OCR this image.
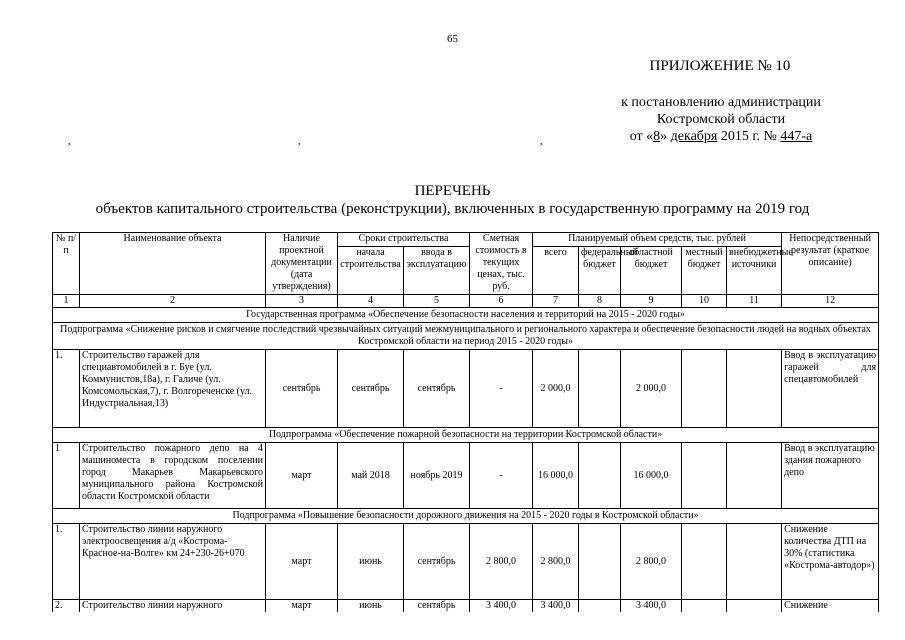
65
ПРИЛОЖЕНИЕ № 10
к постановлению администрации
Костромской области
от «8» декабря 2015 г. № 447-а
,	,	,
ПЕРЕЧЕНЬ
объектов капитального строительства (реконструкции), включенных в государственную программу на 2019 год
№ п/п	Наименование объекта	Наличие проектной документации (дата утверждения)	Сроки строительства		Сметная стоимость в текущих ценах, тыс. руб.	Планируемый объем средств, тыс. рублей					Непосредственный результат (краткое описание)
			начала строительства	ввода в эксплуатацию		всего	федеральный бюджет	областной бюджет	местный бюджет	внебюджетные источники	
1	2	3	4	5	6	7	8	9	10	11	12
Государственная программа «Обеспечение безопасности населения и территорий на 2015 - 2020 годы»											
Подпрограмма «Снижение рисков и смягчение последствий чрезвычайных ситуаций межмуниципального и регионального характера и обеспечение безопасности людей на водных объектах Костромской области на период 2015 - 2020 годы»											
1.	Строительство гаражей для специавтомобилей в г. Буе (ул. Коммунистов,18а), г. Галиче (ул. Комсомольская,7), г. Волгореченске (ул. Индустриальная,13)	сентябрь	сентябрь	сентябрь	-	2 000,0		2 000,0			Ввод в эксплуатацию гаражей для спецавтомобилей
Подпрограмма «Обеспечение пожарной безопасности на территории Костромской области»											
1	Строительство пожарного депо на 4 машиноместа в городском поселении город Макарьев Макарьевского муниципального района Костромской области Костромской области	март	май 2018	ноябрь 2019	-	16 000,0		16 000,0			Ввод в эксплуатацию здания пожарного депо
Подпрограмма «Повышение безопасности дорожного движения на 2015 - 2020 годы в Костромской области»											
1.	Строительство линии наружного электроосвещения а/д «Кострома-Красное-на-Волге» км 24+230-26+070	март	июнь	сентябрь	2 800,0	2 800,0		2 800,0			Снижение количества ДТП на 30% (статистика «Кострома-автодор»)
2.	Строительство линии наружного	март	июнь	сентябрь	3 400,0	3 400,0		3 400,0			Снижение
